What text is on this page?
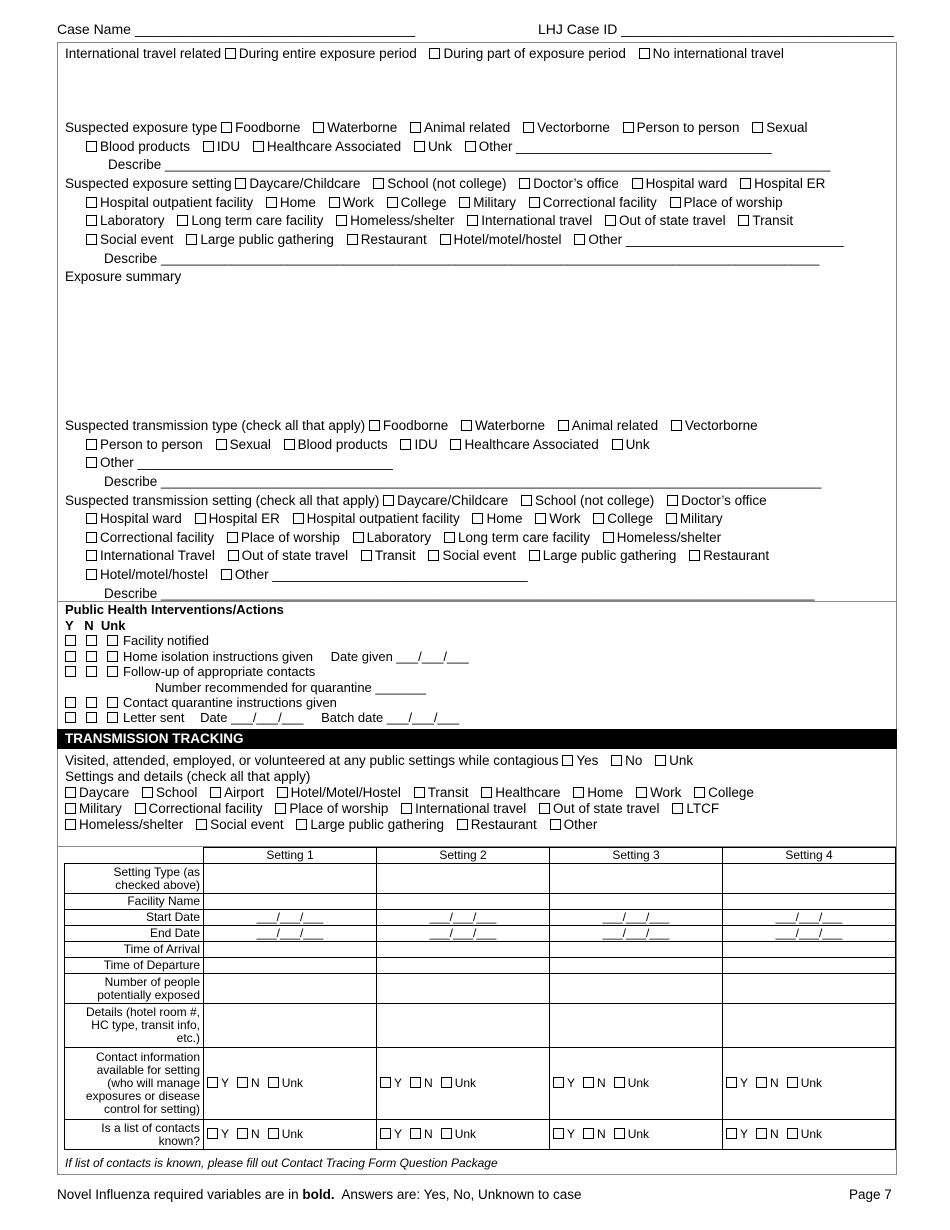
Case Name ____________________________________	LHJ Case ID ___________________________________
International travel related During entire exposure period During part of exposure period No international travel
Suspected exposure type Foodborne Waterborne Animal related Vectorborne Person to person Sexual
Blood products IDU Healthcare Associated Unk Other __________________________________
Describe _______________________________________________________________________________________________
Suspected exposure setting Daycare/Childcare School (not college) Doctor’s office Hospital ward Hospital ER
Hospital outpatient facility Home Work College Military Correctional facility Place of worship
Laboratory Long term care facility Homeless/shelter International travel Out of state travel Transit
Social event Large public gathering Restaurant Hotel/motel/hostel Other _____________________________
Describe ______________________________________________________________________________________________
Exposure summary
Suspected transmission type (check all that apply) Foodborne Waterborne Animal related Vectorborne
Person to person Sexual Blood products IDU Healthcare Associated Unk
Other __________________________________
Describe _______________________________________________________________________________________________
Suspected transmission setting (check all that apply) Daycare/Childcare School (not college) Doctor’s office
Hospital ward Hospital ER Hospital outpatient facility Home Work College Military
Correctional facility Place of worship Laboratory Long term care facility Homeless/shelter
International Travel Out of state travel Transit Social event Large public gathering Restaurant
Hotel/motel/hostel Other __________________________________
Describe ______________________________________________________________________________________________
Public Health Interventions/Actions
Y   N  Unk
Facility notified
Home isolation instructions given Date given ___/___/___
Follow-up of appropriate contacts
Number recommended for quarantine _______
Contact quarantine instructions given
Letter sent Date ___/___/___ Batch date ___/___/___
TRANSMISSION TRACKING
Visited, attended, employed, or volunteered at any public settings while contagious Yes No Unk
Settings and details (check all that apply)
Daycare School Airport Hotel/Motel/Hostel Transit Healthcare Home Work College
Military Correctional facility Place of worship International travel Out of state travel LTCF
Homeless/shelter Social event Large public gathering Restaurant Other
	Setting 1	Setting 2	Setting 3	Setting 4
Setting Type (as checked above)				
Facility Name				
Start Date	___/___/___	___/___/___	___/___/___	___/___/___
End Date	___/___/___	___/___/___	___/___/___	___/___/___
Time of Arrival				
Time of Departure				
Number of people potentially exposed				
Details (hotel room #, HC type, transit info, etc.)				
Contact information available for setting (who will manage exposures or disease control for setting)	Y N Unk	Y N Unk	Y N Unk	Y N Unk
Is a list of contacts known?	Y N Unk	Y N Unk	Y N Unk	Y N Unk
If list of contacts is known, please fill out Contact Tracing Form Question Package
Novel Influenza required variables are in bold.  Answers are: Yes, No, Unknown to case	Page 7
